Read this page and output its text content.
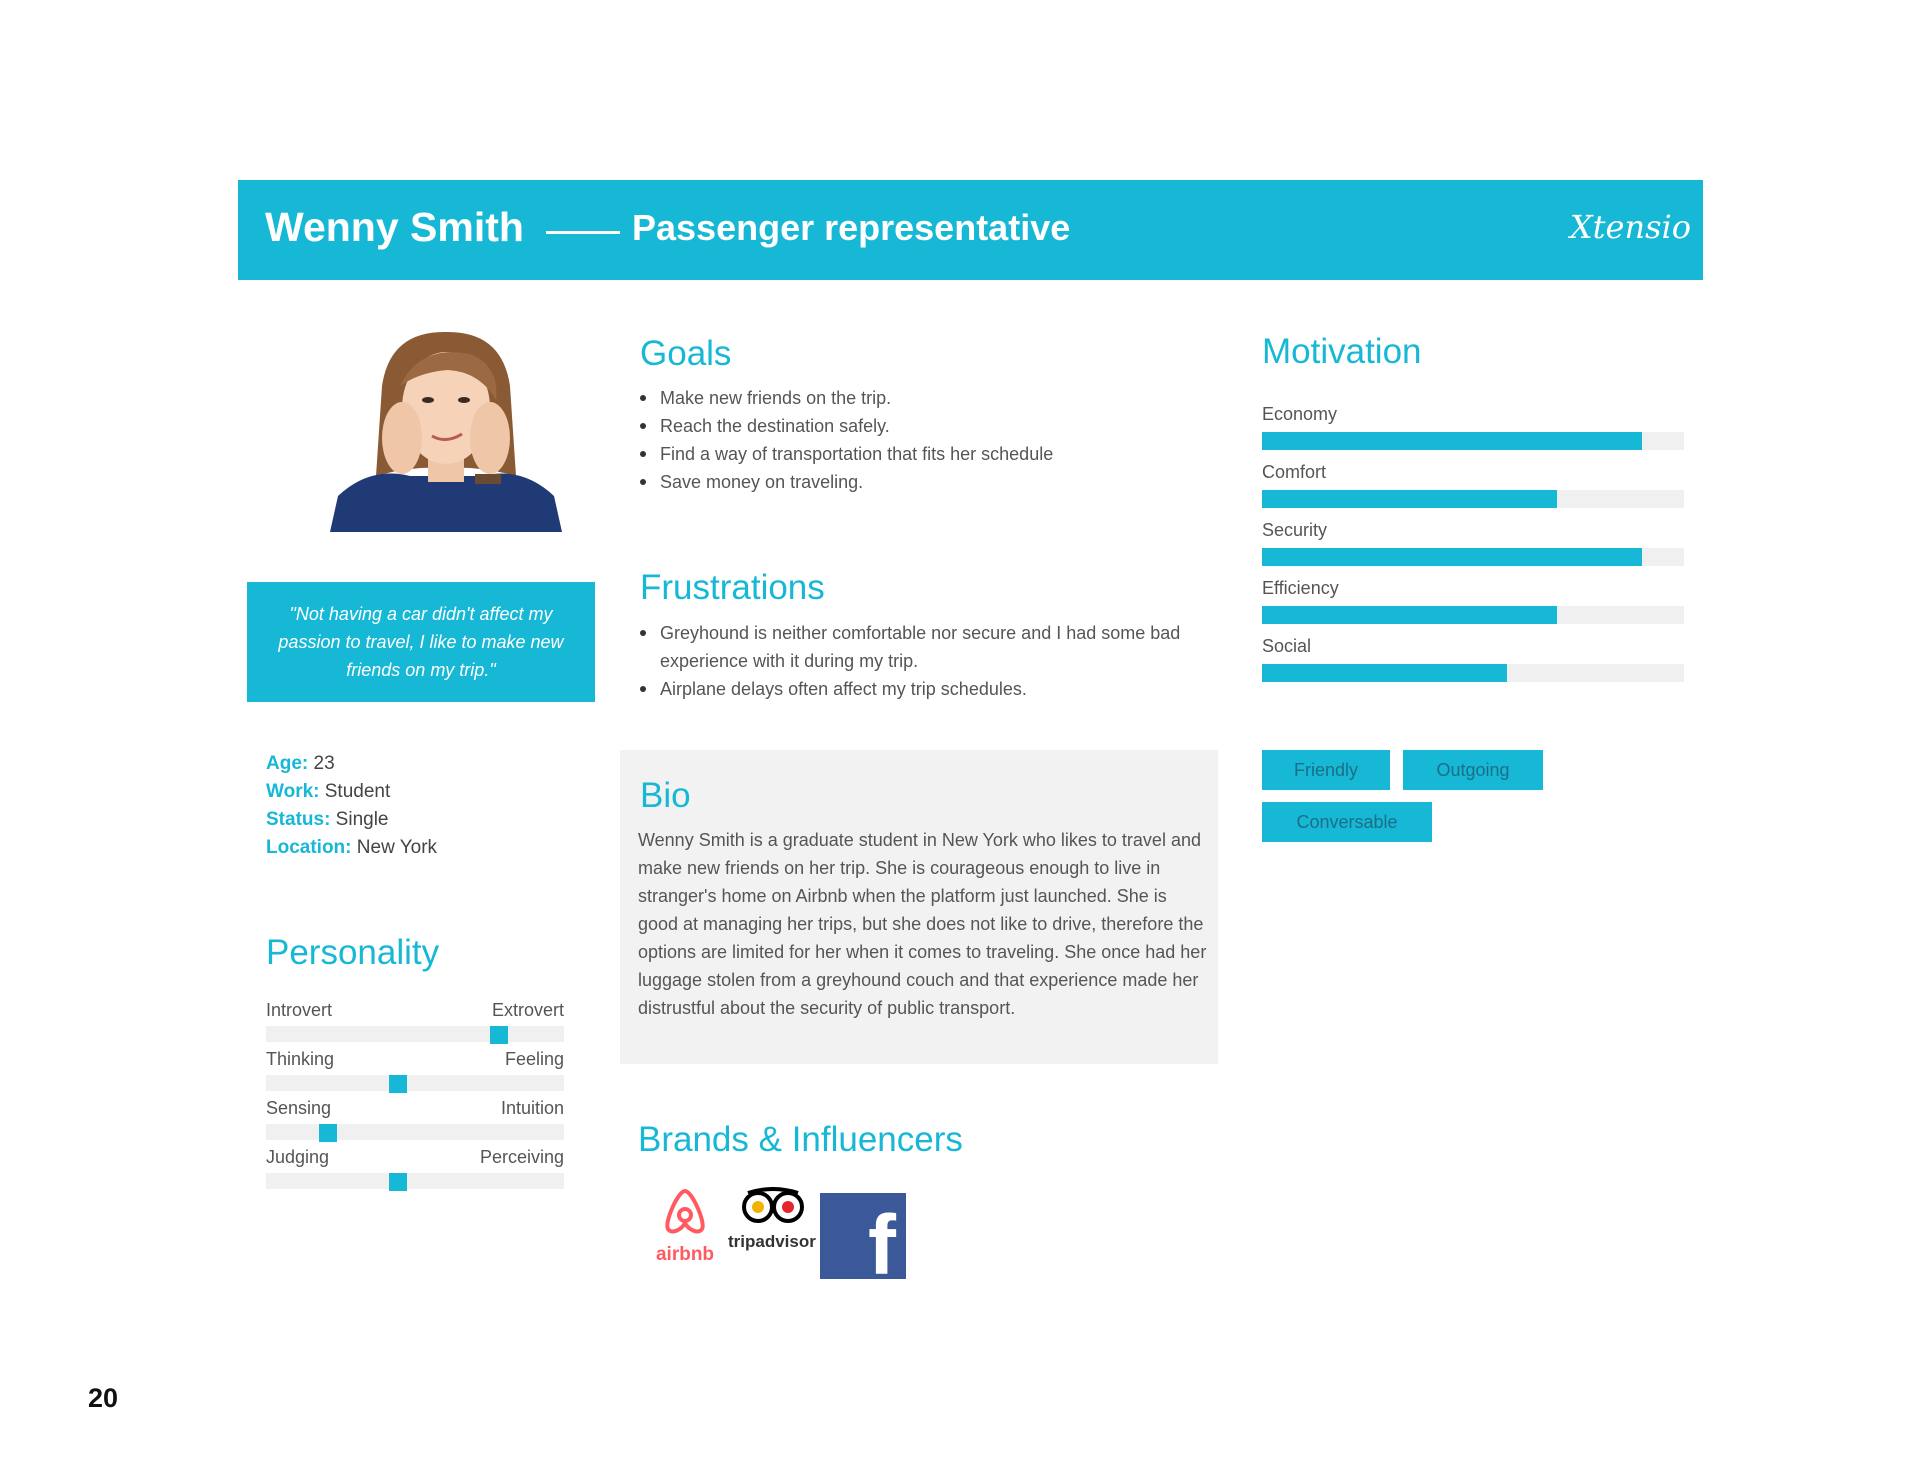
Wenny Smith	Passenger representative	Xtensio
"Not having a car didn't affect my passion to travel, I like to make new friends on my trip."
Age: 23
Work: Student
Status: Single
Location: New York
Personality
Introvert	Extrovert
Thinking	Feeling
Sensing	Intuition
Judging	Perceiving
Goals
Make new friends on the trip.
Reach the destination safely.
Find a way of transportation that fits her schedule
Save money on traveling.
Frustrations
Greyhound is neither comfortable nor secure and I had some bad experience with it during my trip.
Airplane delays often affect my trip schedules.
Bio
Wenny Smith is a graduate student in New York who likes to travel and make new friends on her trip. She is courageous enough to live in stranger's home on Airbnb when the platform just launched. She is good at managing her trips, but she does not like to drive, therefore the options are limited for her when it comes to traveling. She once had her luggage stolen from a greyhound couch and that experience made her distrustful about the security of public transport.
Brands & Influencers
airbnb
tripadvisor f
Motivation
Economy
Comfort
Security
Efficiency
Social
Friendly	Outgoing
Conversable
20
